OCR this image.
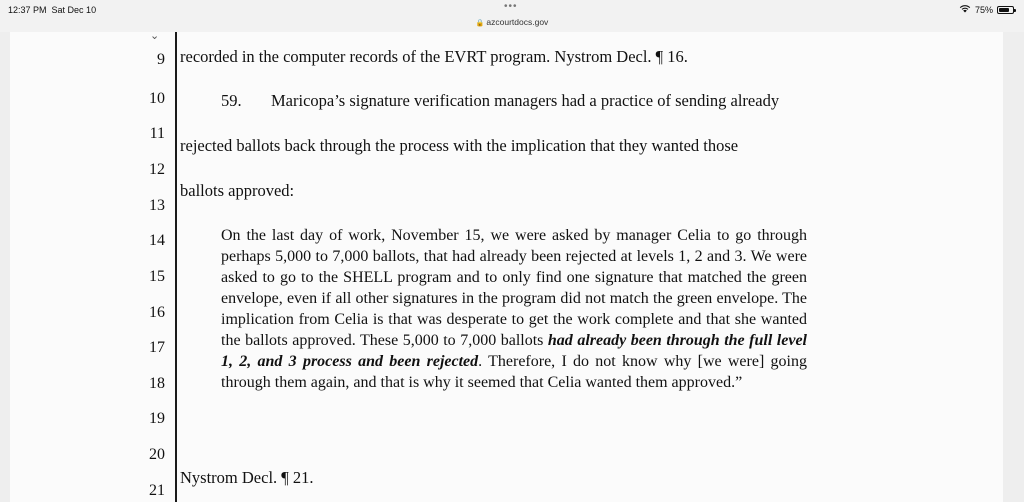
12:37 PM Sat Dec 10	•••
🔒 azcourtdocs.gov
75%
⌄
9
10
11
12
13
14
15
16
17
18
19
20
21
recorded in the computer records of the EVRT program. Nystrom Decl. ¶ 16.
59. Maricopa’s signature verification managers had a practice of sending already
rejected ballots back through the process with the implication that they wanted those
ballots approved:
On the last day of work, November 15, we were asked by manager Celia to go through perhaps 5,000 to 7,000 ballots, that had already been rejected at levels 1, 2 and 3. We were asked to go to the SHELL program and to only find one signature that matched the green envelope, even if all other signatures in the program did not match the green envelope. The implication from Celia is that was desperate to get the work complete and that she wanted the ballots approved. These 5,000 to 7,000 ballots had already been through the full level 1, 2, and 3 process and been rejected. Therefore, I do not know why [we were] going through them again, and that is why it seemed that Celia wanted them approved.”
Nystrom Decl. ¶ 21.
